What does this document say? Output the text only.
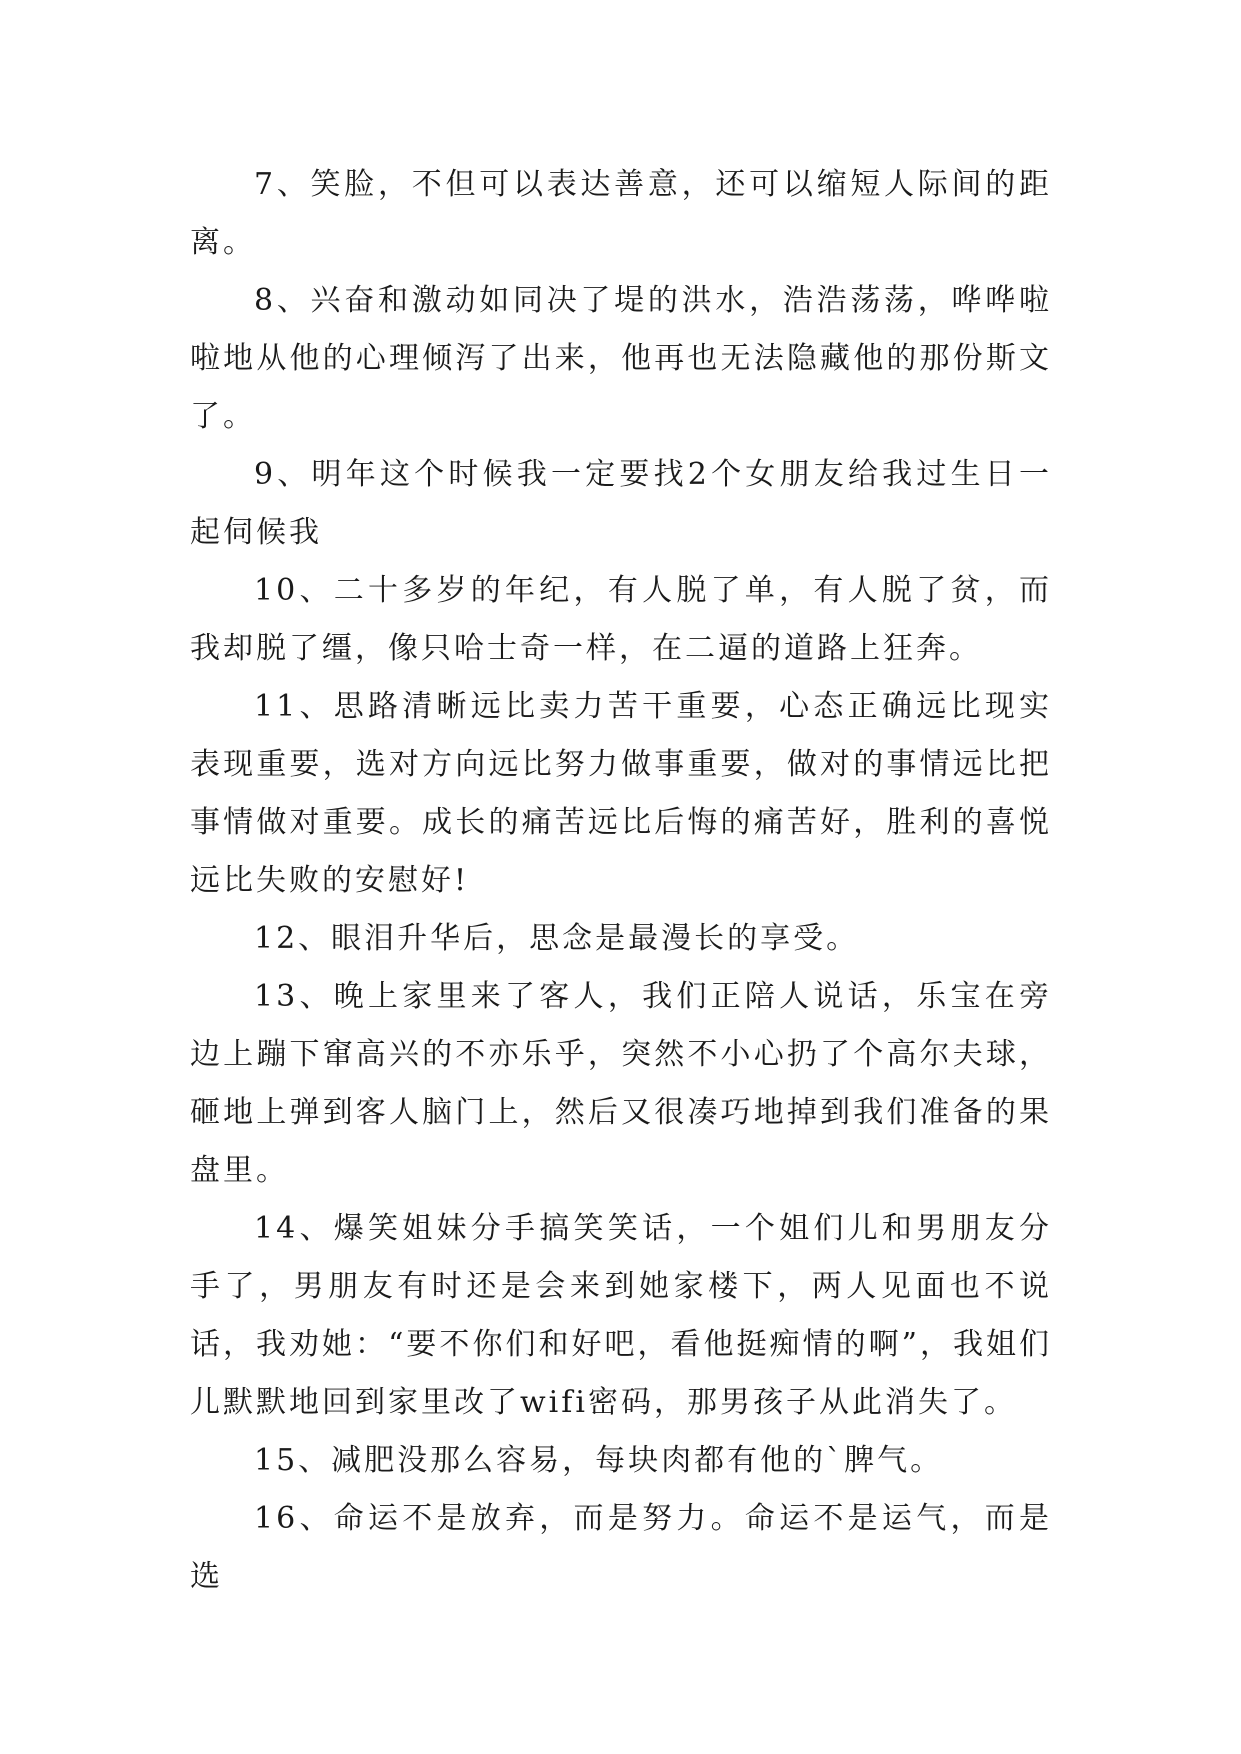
7、笑脸，不但可以表达善意，还可以缩短人际间的距离。

8、兴奋和激动如同决了堤的洪水，浩浩荡荡，哗哗啦啦地从他的心理倾泻了出来，他再也无法隐藏他的那份斯文了。

9、明年这个时候我一定要找2个女朋友给我过生日一起伺候我

10、二十多岁的年纪，有人脱了单，有人脱了贫，而我却脱了缰，像只哈士奇一样，在二逼的道路上狂奔。

11、思路清晰远比卖力苦干重要，心态正确远比现实表现重要，选对方向远比努力做事重要，做对的事情远比把事情做对重要。成长的痛苦远比后悔的痛苦好，胜利的喜悦远比失败的安慰好!

12、眼泪升华后，思念是最漫长的享受。

13、晚上家里来了客人，我们正陪人说话，乐宝在旁边上蹦下窜高兴的不亦乐乎，突然不小心扔了个高尔夫球，砸地上弹到客人脑门上，然后又很凑巧地掉到我们准备的果盘里。

14、爆笑姐妹分手搞笑笑话，一个姐们儿和男朋友分手了，男朋友有时还是会来到她家楼下，两人见面也不说话，我劝她：“要不你们和好吧，看他挺痴情的啊”，我姐们儿默默地回到家里改了wifi密码，那男孩子从此消失了。

15、减肥没那么容易，每块肉都有他的`脾气。

16、命运不是放弃，而是努力。命运不是运气，而是选
